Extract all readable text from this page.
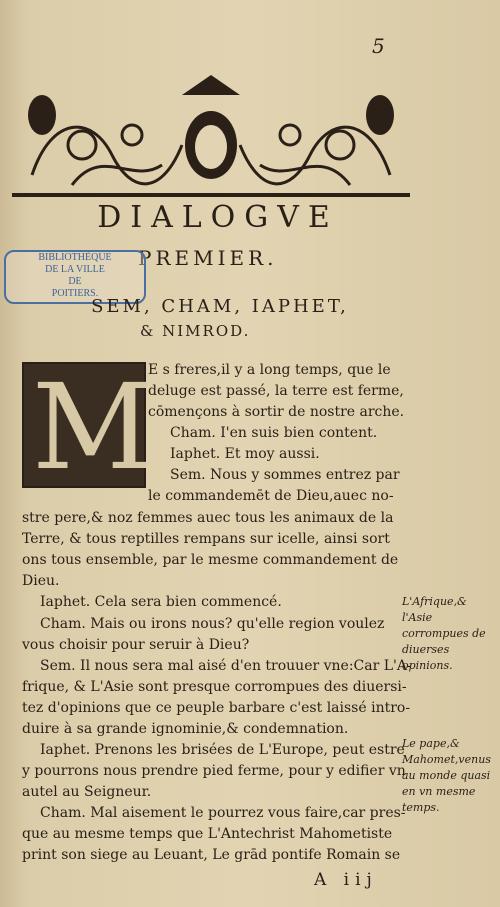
5
DIALOGVE
PREMIER.
BIBLIOTHÈQUE
DE LA VILLE
DE
POITIERS.
SEM, CHAM, IAPHET,
& NIMROD.
M
E s freres,il y a long temps, que le
deluge est passé, la terre est ferme,
cōmençons à sortir de nostre arche.
Cham. I'en suis bien content.
Iaphet. Et moy aussi.
Sem. Nous y sommes entrez par
le commandemēt de Dieu,auec no-
stre pere,& noz femmes auec tous les animaux de la
Terre, & tous reptilles rempans sur icelle, ainsi sort
ons tous ensemble, par le mesme commandement de
Dieu.
Iaphet. Cela sera bien commencé.
Cham. Mais ou irons nous? qu'elle region voulez
vous choisir pour seruir à Dieu?
Sem. Il nous sera mal aisé d'en trouuer vne:Car L'A-
frique, & L'Asie sont presque corrompues des diuersi-
tez d'opinions que ce peuple barbare c'est laissé intro-
duire à sa grande ignominie,& condemnation.
Iaphet. Prenons les brisées de L'Europe, peut estre
y pourrons nous prendre pied ferme, pour y edifier vn
autel au Seigneur.
Cham. Mal aisement le pourrez vous faire,car pres-
que au mesme temps que L'Antechrist Mahometiste
print son siege au Leuant, Le grād pontife Romain se
L'Afrique,& l'Asie corrompues de diuerses opinions.
Le pape,& Mahomet,venus au monde quasi en vn mesme temps.
A iij
